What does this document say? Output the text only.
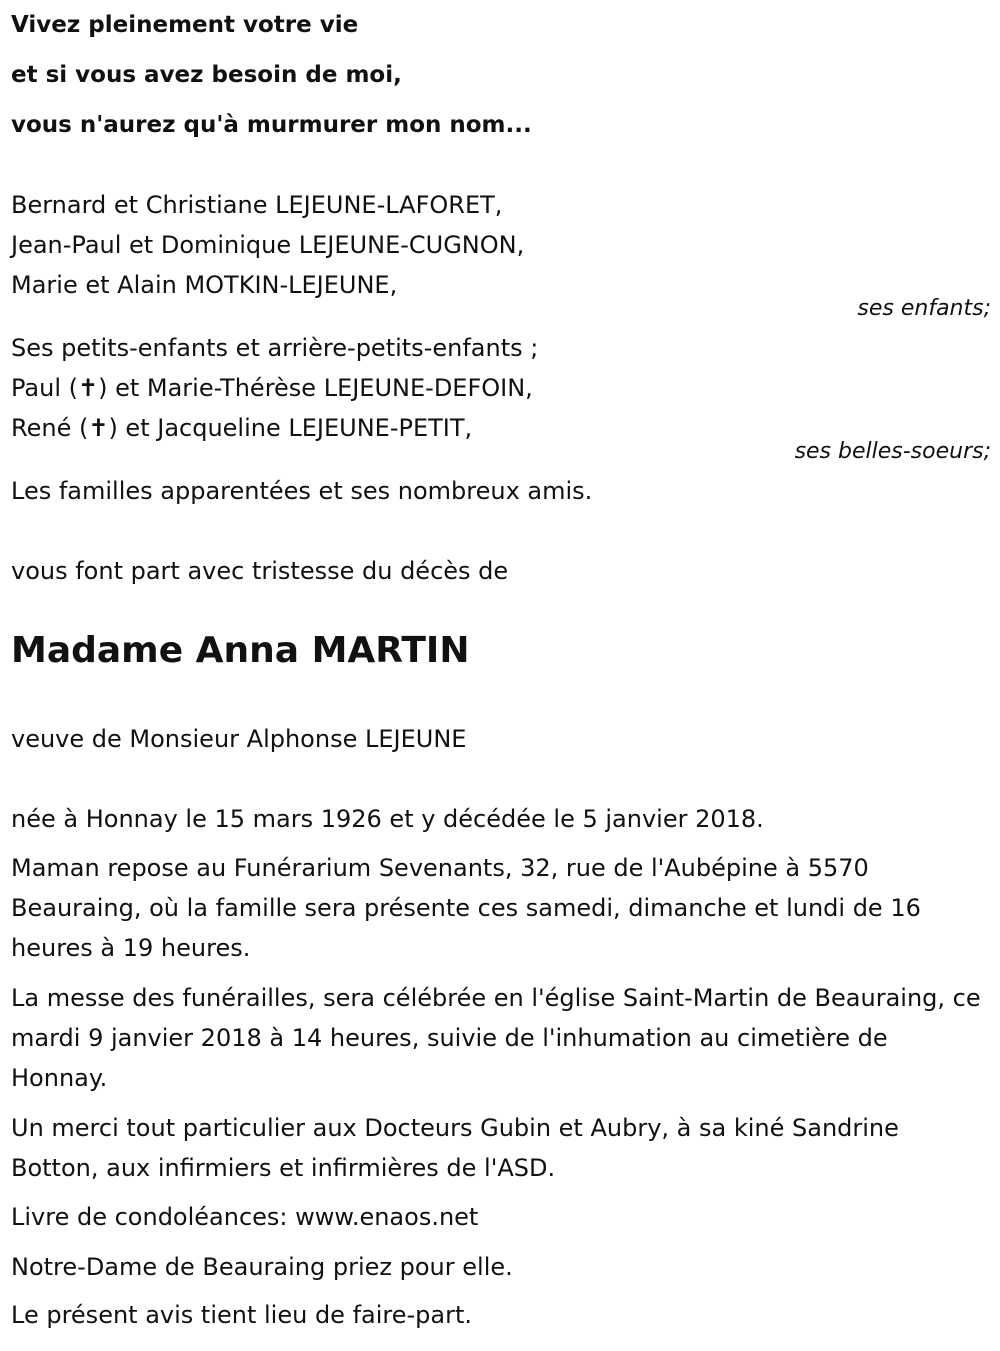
Vivez pleinement votre vie
et si vous avez besoin de moi,
vous n'aurez qu'à murmurer mon nom...
Bernard et Christiane LEJEUNE-LAFORET,
Jean-Paul et Dominique LEJEUNE-CUGNON,
Marie et Alain MOTKIN-LEJEUNE,
ses enfants;
Ses petits-enfants et arrière-petits-enfants ;
Paul (✝) et Marie-Thérèse LEJEUNE-DEFOIN,
René (✝) et Jacqueline LEJEUNE-PETIT,
ses belles-soeurs;
Les familles apparentées et ses nombreux amis.
vous font part avec tristesse du décès de
Madame Anna MARTIN
veuve de Monsieur Alphonse LEJEUNE
née à Honnay le 15 mars 1926 et y décédée le 5 janvier 2018.
Maman repose au Funérarium Sevenants, 32, rue de l'Aubépine à 5570 Beauraing, où la famille sera présente ces samedi, dimanche et lundi de 16 heures à 19 heures.
La messe des funérailles, sera célébrée en l'église Saint-Martin de Beauraing, ce mardi 9 janvier 2018 à 14 heures, suivie de l'inhumation au cimetière de Honnay.
Un merci tout particulier aux Docteurs Gubin et Aubry, à sa kiné Sandrine Botton, aux infirmiers et infirmières de l'ASD.
Livre de condoléances: www.enaos.net
Notre-Dame de Beauraing priez pour elle.
Le présent avis tient lieu de faire-part.
